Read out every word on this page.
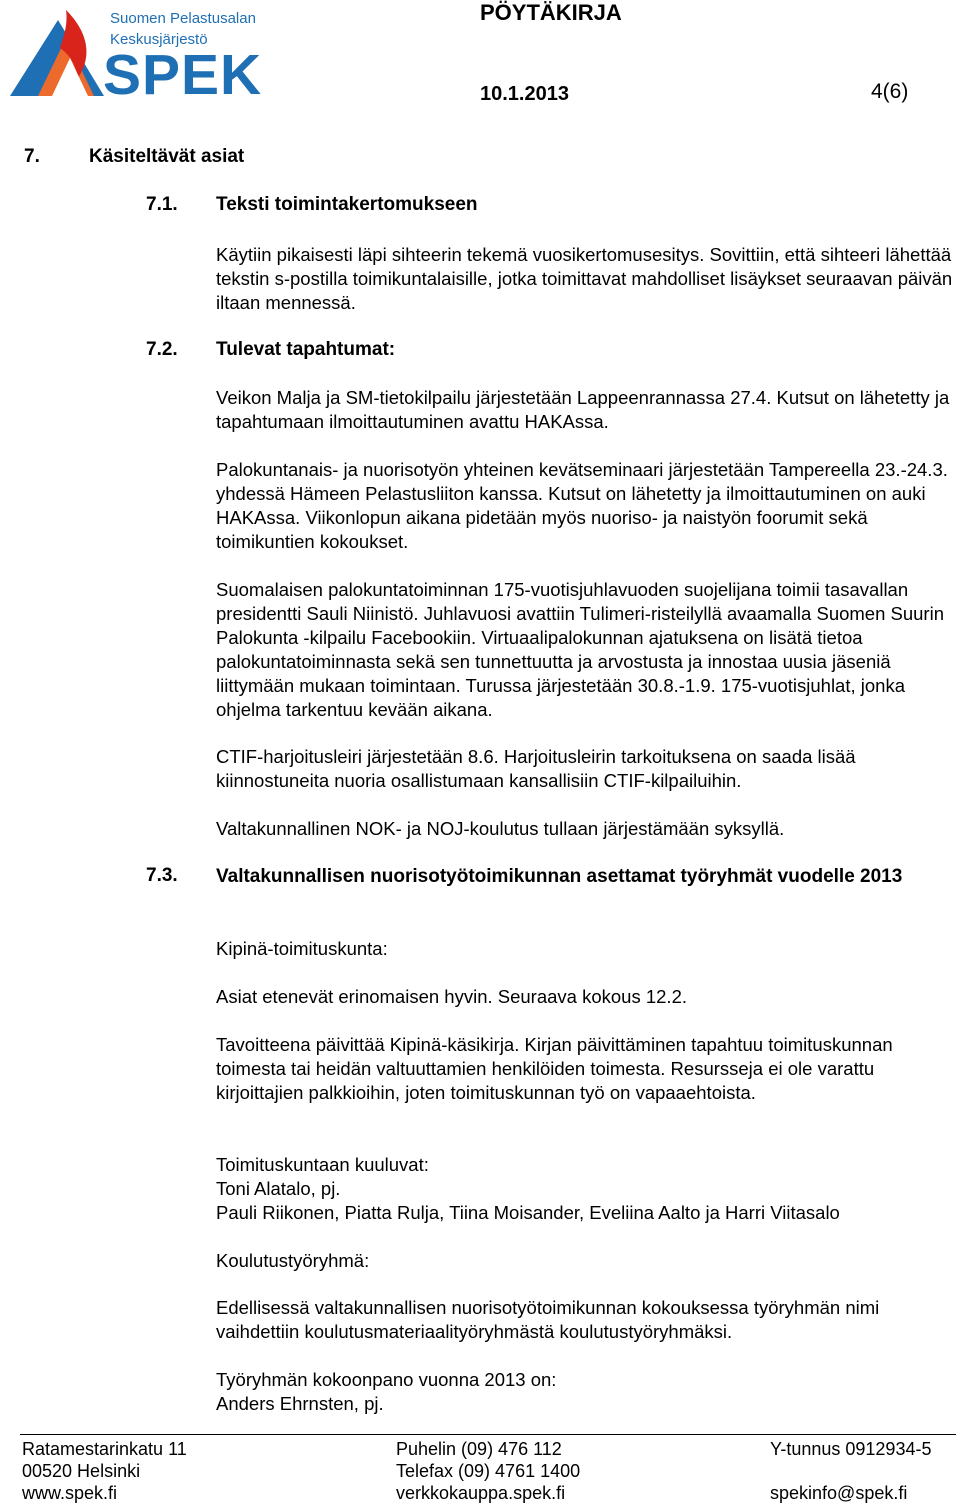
Suomen Pelastusalan
Keskusjärjestö
SPEK
PÖYTÄKIRJA
10.1.2013	4(6)
7.	Käsiteltävät asiat
7.1. Teksti toimintakertomukseen
Käytiin pikaisesti läpi sihteerin tekemä vuosikertomusesitys. Sovittiin, että sihteeri lähettää tekstin s-postilla toimikuntalaisille, jotka toimittavat mahdolliset lisäykset seuraavan päivän iltaan mennessä.
7.2. Tulevat tapahtumat:
Veikon Malja ja SM-tietokilpailu järjestetään Lappeenrannassa 27.4. Kutsut on lähetetty ja tapahtumaan ilmoittautuminen avattu HAKAssa.
Palokuntanais- ja nuorisotyön yhteinen kevätseminaari järjestetään Tampereella 23.-24.3. yhdessä Hämeen Pelastusliiton kanssa. Kutsut on lähetetty ja ilmoittautuminen on auki HAKAssa. Viikonlopun aikana pidetään myös nuoriso- ja naistyön foorumit sekä toimikuntien kokoukset.
Suomalaisen palokuntatoiminnan 175-vuotisjuhlavuoden suojelijana toimii tasavallan presidentti Sauli Niinistö. Juhlavuosi avattiin Tulimeri-risteilyllä avaamalla Suomen Suurin Palokunta -kilpailu Facebookiin. Virtuaalipalokunnan ajatuksena on lisätä tietoa palokuntatoiminnasta sekä sen tunnettuutta ja arvostusta ja innostaa uusia jäseniä liittymään mukaan toimintaan. Turussa järjestetään 30.8.-1.9. 175-vuotisjuhlat, jonka ohjelma tarkentuu kevään aikana.
CTIF-harjoitusleiri järjestetään 8.6. Harjoitusleirin tarkoituksena on saada lisää kiinnostuneita nuoria osallistumaan kansallisiin CTIF-kilpailuihin.
Valtakunnallinen NOK- ja NOJ-koulutus tullaan järjestämään syksyllä.
7.3. Valtakunnallisen nuorisotyötoimikunnan asettamat työryhmät vuodelle 2013
Kipinä-toimituskunta:
Asiat etenevät erinomaisen hyvin. Seuraava kokous 12.2.
Tavoitteena päivittää Kipinä-käsikirja. Kirjan päivittäminen tapahtuu toimituskunnan toimesta tai heidän valtuuttamien henkilöiden toimesta. Resursseja ei ole varattu kirjoittajien palkkioihin, joten toimituskunnan työ on vapaaehtoista.
Toimituskuntaan kuuluvat:
Toni Alatalo, pj.
Pauli Riikonen, Piatta Rulja, Tiina Moisander, Eveliina Aalto ja Harri Viitasalo
Koulutustyöryhmä:
Edellisessä valtakunnallisen nuorisotyötoimikunnan kokouksessa työryhmän nimi vaihdettiin koulutusmateriaalityöryhmästä koulutustyöryhmäksi.
Työryhmän kokoonpano vuonna 2013 on:
Anders Ehrnsten, pj.
Ratamestarinkatu 11
00520 Helsinki
www.spek.fi
Puhelin (09) 476 112
Telefax (09) 4761 1400
verkkokauppa.spek.fi
Y-tunnus 0912934-5

spekinfo@spek.fi
